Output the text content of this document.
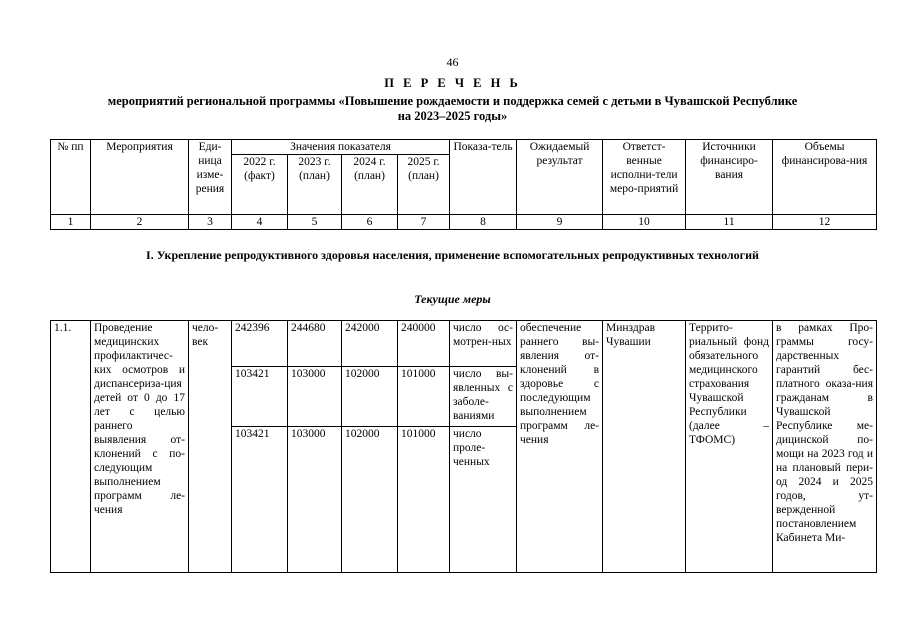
46
П Е Р Е Ч Е Н Ь
мероприятий региональной программы «Повышение рождаемости и поддержка семей с детьми в Чувашской Республике
на 2023–2025 годы»
№ пп	Мероприятия	Еди-ница изме-рения	Значения показателя				Показа-тель	Ожидаемый результат	Ответст-венные исполни-тели меро-приятий	Источники финансиро-вания	Объемы финансирова-ния
			2022 г. (факт)	2023 г. (план)	2024 г. (план)	2025 г. (план)					
1	2	3	4	5	6	7	8	9	10	11	12
I. Укрепление репродуктивного здоровья населения, применение вспомогательных репродуктивных технологий
Текущие меры
1.1.	Проведение медицинских профилактичес-ких осмотров и диспансериза-ция детей от 0 до 17 лет с целью раннего выявления от-клонений с по-следующим выполнением программ ле-чения	чело-век	242396	244680	242000	240000	число ос-мотрен-ных	обеспечение раннего вы-явления от-клонений в здоровье с последующим выполнением программ ле-чения	Минздрав Чувашии	Террито-риальный фонд обязательного медицинского страхования Чувашской Республики (далее – ТФОМС)	в рамках Про-граммы госу-дарственных гарантий бес-платного оказа-ния гражданам в Чувашской Республике ме-дицинской по-мощи на 2023 год и на плановый пери-од 2024 и 2025 годов, ут-вержденной постановлением Кабинета Ми-
			103421	103000	102000	101000	число вы-явленных с заболе-ваниями				
			103421	103000	102000	101000	число проле-ченных				
